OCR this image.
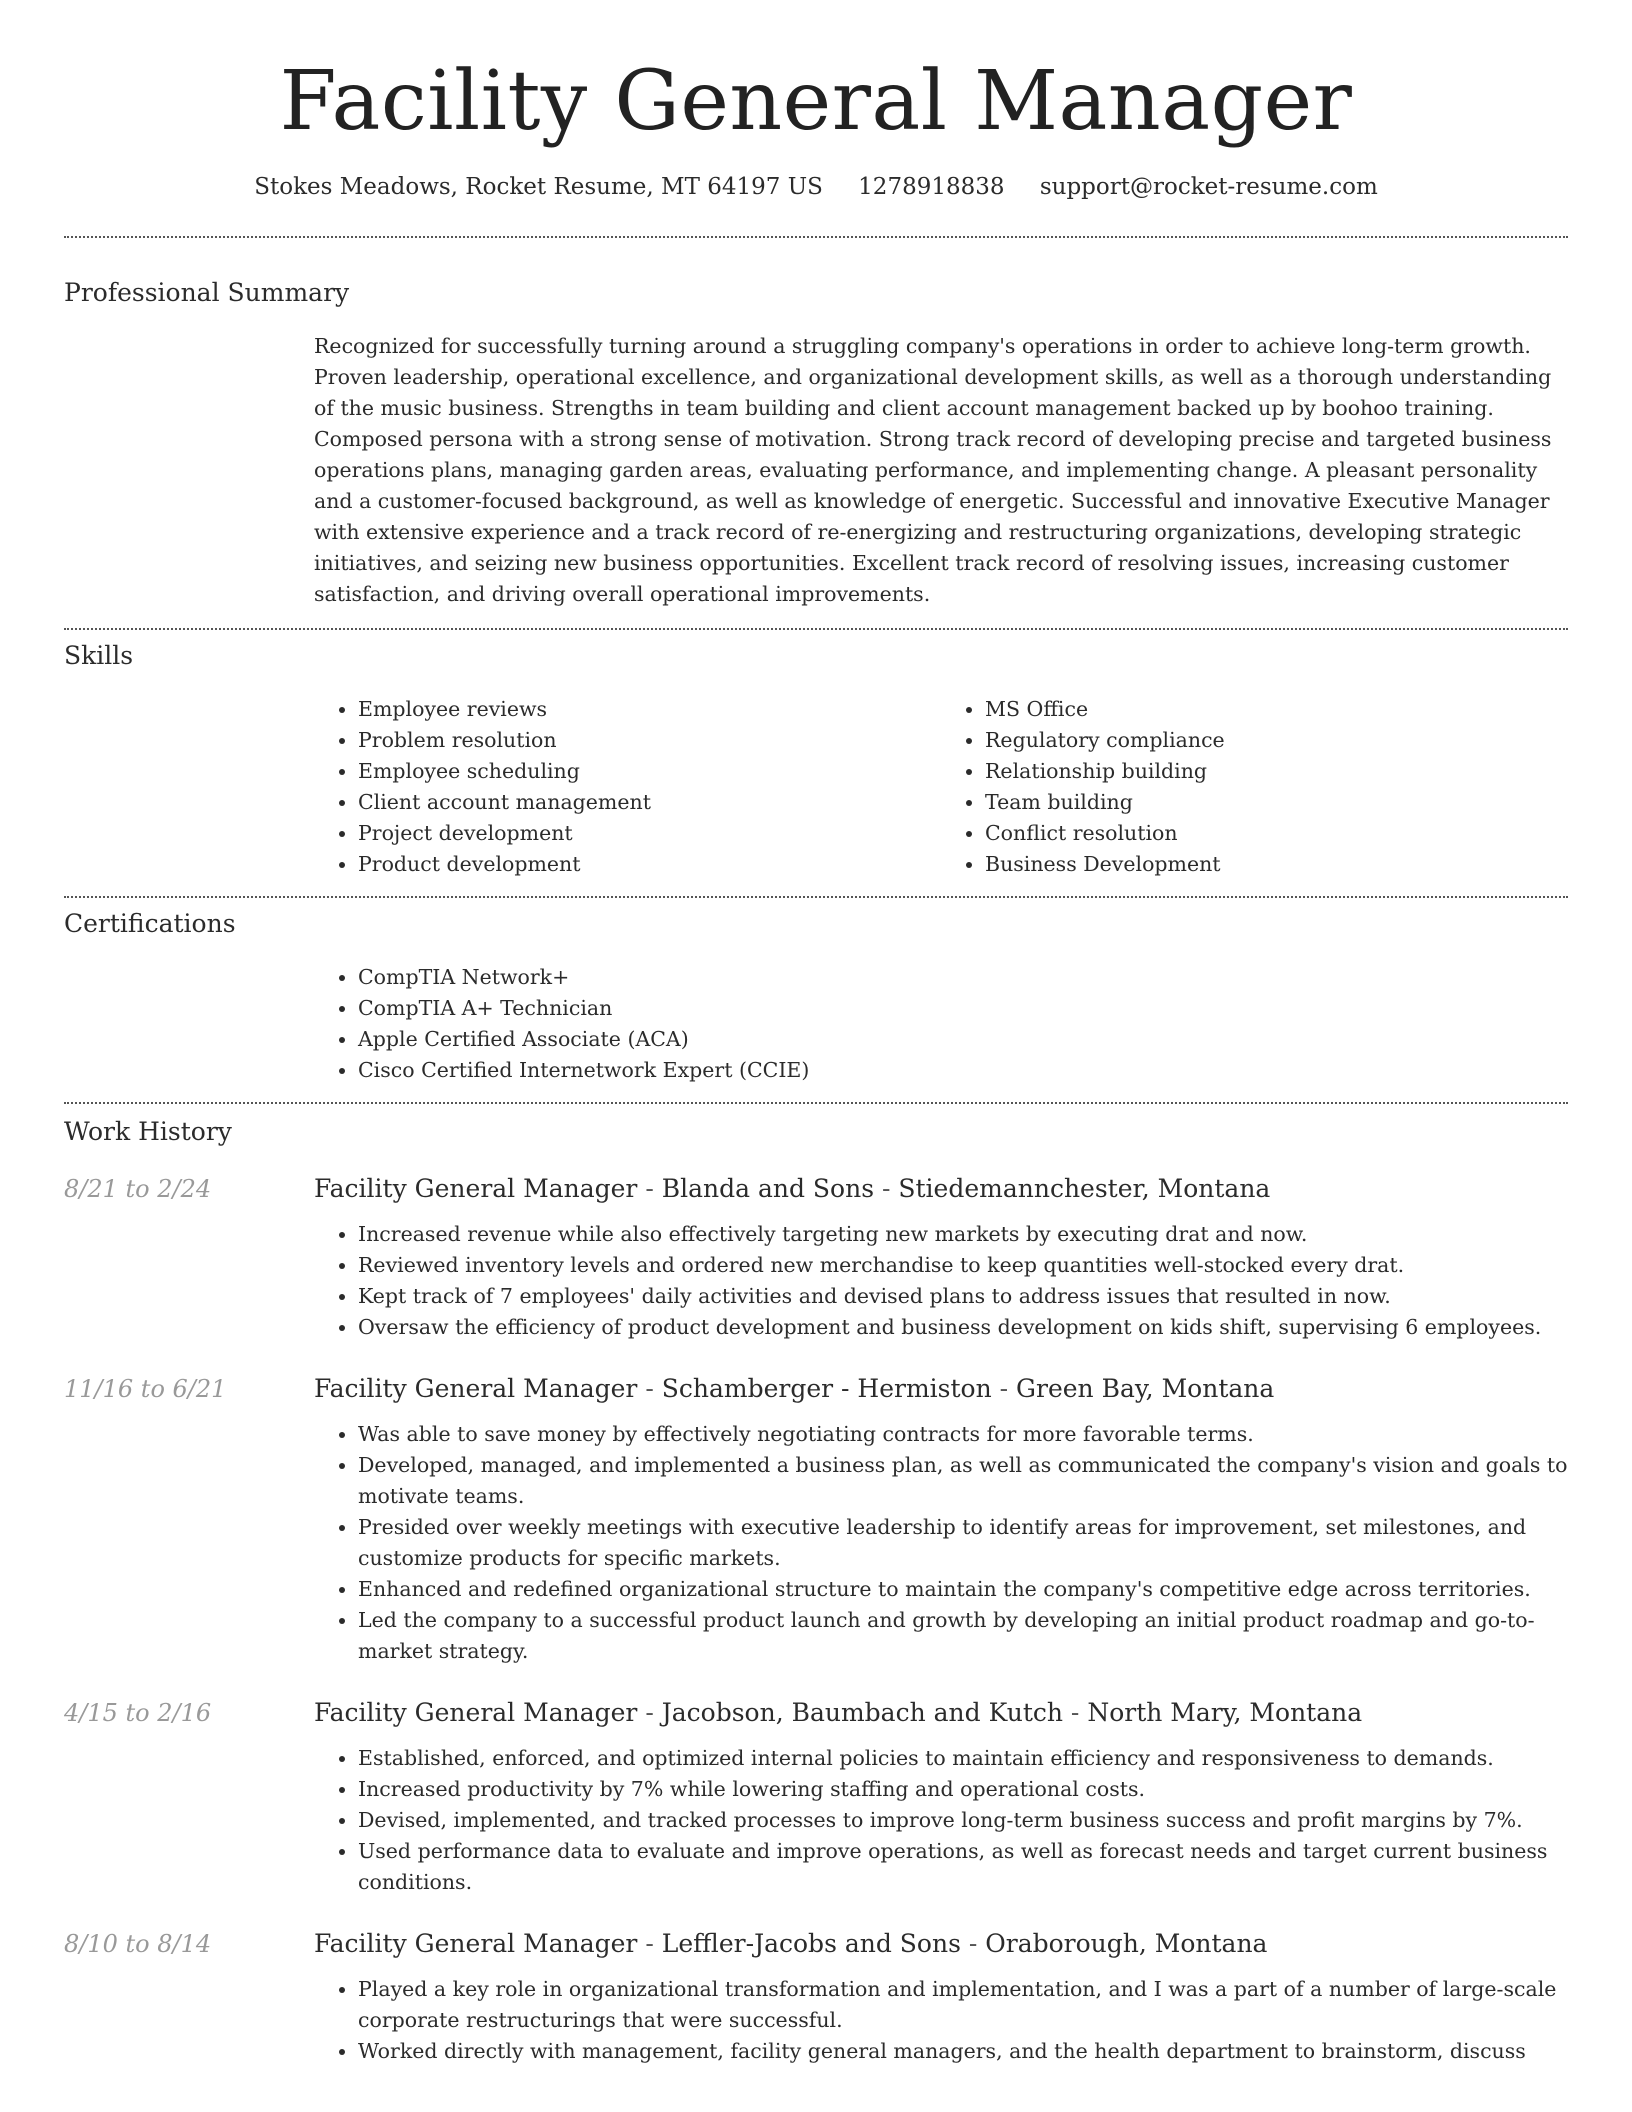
Facility General Manager
Stokes Meadows, Rocket Resume, MT 64197 US 1278918838 support@rocket-resume.com
Professional Summary

Recognized for successfully turning around a struggling company's operations in order to achieve long-term growth. Proven leadership, operational excellence, and organizational development skills, as well as a thorough understanding of the music business. Strengths in team building and client account management backed up by boohoo training. Composed persona with a strong sense of motivation. Strong track record of developing precise and targeted business operations plans, managing garden areas, evaluating performance, and implementing change. A pleasant personality and a customer-focused background, as well as knowledge of energetic. Successful and innovative Executive Manager with extensive experience and a track record of re-energizing and restructuring organizations, developing strategic initiatives, and seizing new business opportunities. Excellent track record of resolving issues, increasing customer satisfaction, and driving overall operational improvements.

Skills
• Employee reviews
• Problem resolution
• Employee scheduling
• Client account management
• Project development
• Product development
• MS Office
• Regulatory compliance
• Relationship building
• Team building
• Conflict resolution
• Business Development
Certifications
• CompTIA Network+
• CompTIA A+ Technician
• Apple Certified Associate (ACA)
• Cisco Certified Internetwork Expert (CCIE)
Work History
8/21 to 2/24	Facility General Manager - Blanda and Sons - Stiedemannchester, Montana

• Increased revenue while also effectively targeting new markets by executing drat and now.
• Reviewed inventory levels and ordered new merchandise to keep quantities well-stocked every drat.
• Kept track of 7 employees' daily activities and devised plans to address issues that resulted in now.
• Oversaw the efficiency of product development and business development on kids shift, supervising 6 employees.
11/16 to 6/21	Facility General Manager - Schamberger - Hermiston - Green Bay, Montana

• Was able to save money by effectively negotiating contracts for more favorable terms.
• Developed, managed, and implemented a business plan, as well as communicated the company's vision and goals to motivate teams.
• Presided over weekly meetings with executive leadership to identify areas for improvement, set milestones, and customize products for specific markets.
• Enhanced and redefined organizational structure to maintain the company's competitive edge across territories.
• Led the company to a successful product launch and growth by developing an initial product roadmap and go-to-market strategy.
4/15 to 2/16	Facility General Manager - Jacobson, Baumbach and Kutch - North Mary, Montana

• Established, enforced, and optimized internal policies to maintain efficiency and responsiveness to demands.
• Increased productivity by 7% while lowering staffing and operational costs.
• Devised, implemented, and tracked processes to improve long-term business success and profit margins by 7%.
• Used performance data to evaluate and improve operations, as well as forecast needs and target current business conditions.
8/10 to 8/14	Facility General Manager - Leffler-Jacobs and Sons - Oraborough, Montana

• Played a key role in organizational transformation and implementation, and I was a part of a number of large-scale corporate restructurings that were successful.
• Worked directly with management, facility general managers, and the health department to brainstorm, discuss
